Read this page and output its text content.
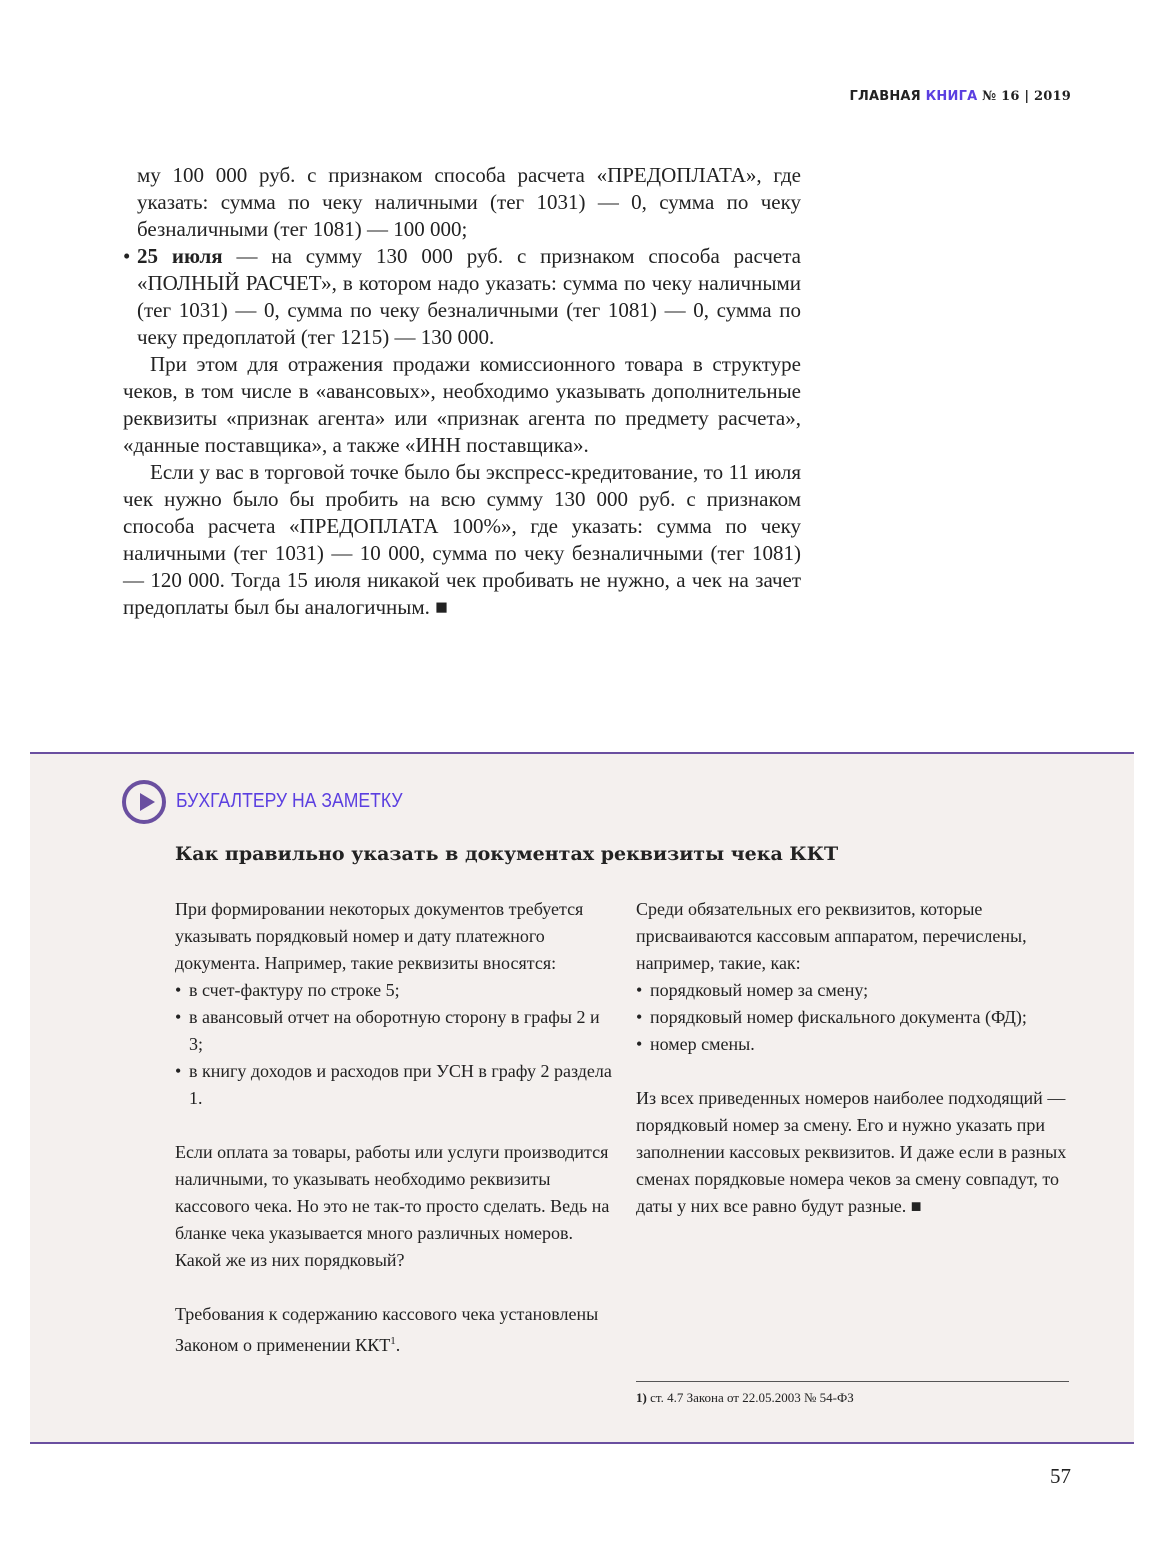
ГЛАВНАЯ КНИГА № 16 | 2019
му 100 000 руб. с признаком способа расчета «ПРЕДОПЛАТА», где указать: сумма по чеку наличными (тег 1031) — 0, сумма по чеку безналичными (тег 1081) — 100 000;
• 25 июля — на сумму 130 000 руб. с признаком способа расчета «ПОЛНЫЙ РАСЧЕТ», в котором надо указать: сумма по чеку наличными (тег 1031) — 0, сумма по чеку безналичными (тег 1081) — 0, сумма по чеку предоплатой (тег 1215) — 130 000.

При этом для отражения продажи комиссионного товара в структуре чеков, в том числе в «авансовых», необходимо указывать дополнительные реквизиты «признак агента» или «признак агента по предмету расчета», «данные поставщика», а также «ИНН поставщика».

Если у вас в торговой точке было бы экспресс-кредитование, то 11 июля чек нужно было бы пробить на всю сумму 130 000 руб. с признаком способа расчета «ПРЕДОПЛАТА 100%», где указать: сумма по чеку наличными (тег 1031) — 10 000, сумма по чеку безналичными (тег 1081) — 120 000. Тогда 15 июля никакой чек пробивать не нужно, а чек на зачет предоплаты был бы аналогичным. ■

БУХГАЛТЕРУ НА ЗАМЕТКУ
Как правильно указать в документах реквизиты чека ККТ

При формировании некоторых документов требуется указывать порядковый номер и дату платежного документа. Например, такие реквизиты вносятся:

• в счет-фактуру по строке 5;
• в авансовый отчет на оборотную сторону в графы 2 и 3;
• в книгу доходов и расходов при УСН в графу 2 раздела 1.

Если оплата за товары, работы или услуги производится наличными, то указывать необходимо реквизиты кассового чека. Но это не так-то просто сделать. Ведь на бланке чека указывается много различных номеров. Какой же из них порядковый?

Требования к содержанию кассового чека установлены Законом о применении ККТ$^1$.

Среди обязательных его реквизитов, которые присваиваются кассовым аппаратом, перечислены, например, такие, как:

• порядковый номер за смену;
• порядковый номер фискального документа (ФД);
• номер смены.

Из всех приведенных номеров наиболее подходящий — порядковый номер за смену. Его и нужно указать при заполнении кассовых реквизитов. И даже если в разных сменах порядковые номера чеков за смену совпадут, то даты у них все равно будут разные. ■

1) ст. 4.7 Закона от 22.05.2003 № 54-ФЗ
57
